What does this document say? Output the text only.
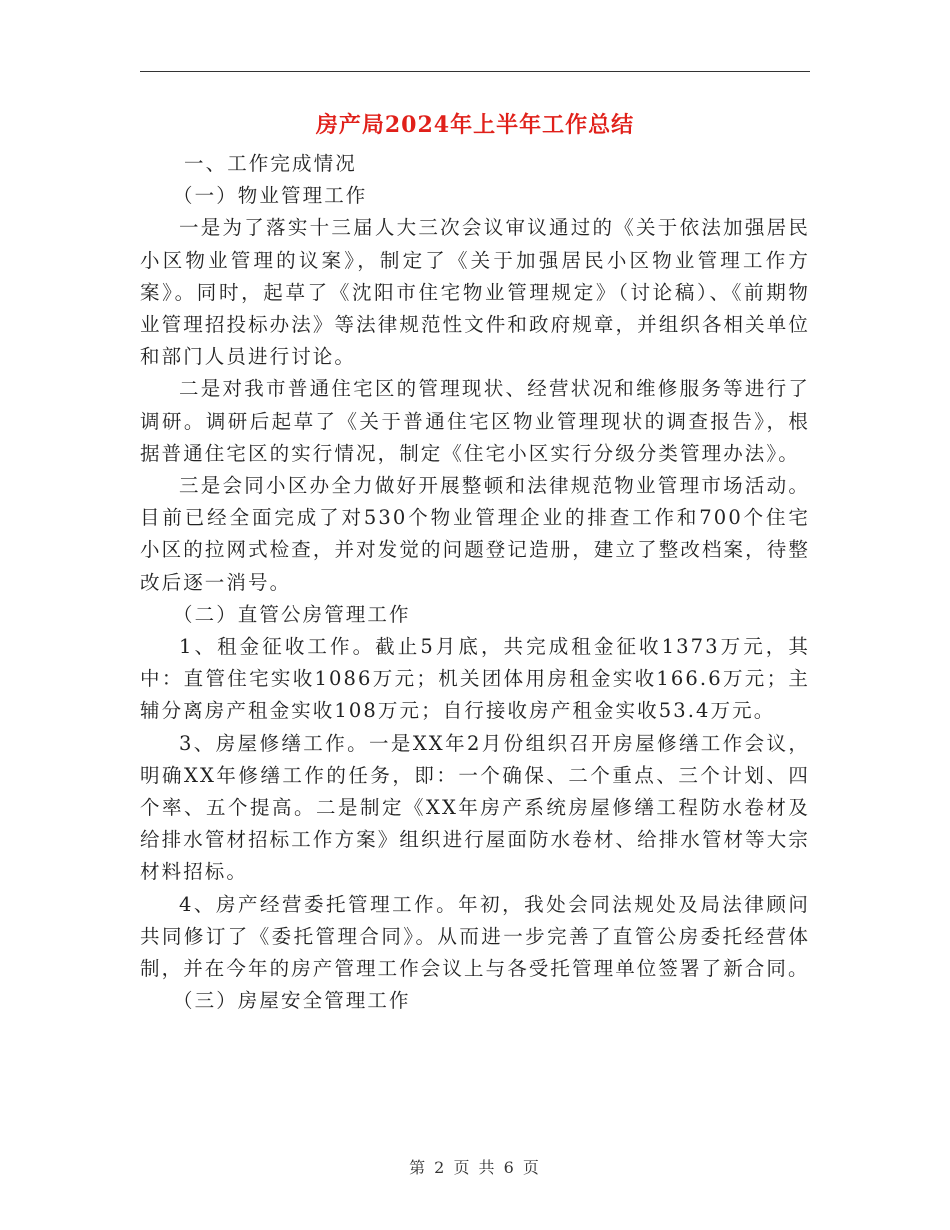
房产局2024年上半年工作总结

一、工作完成情况

（一）物业管理工作

一是为了落实十三届人大三次会议审议通过的《关于依法加强居民小区物业管理的议案》，制定了《关于加强居民小区物业管理工作方案》。同时，起草了《沈阳市住宅物业管理规定》（讨论稿）、《前期物业管理招投标办法》等法律规范性文件和政府规章，并组织各相关单位和部门人员进行讨论。

二是对我市普通住宅区的管理现状、经营状况和维修服务等进行了调研。调研后起草了《关于普通住宅区物业管理现状的调查报告》，根据普通住宅区的实行情况，制定《住宅小区实行分级分类管理办法》。

三是会同小区办全力做好开展整顿和法律规范物业管理市场活动。目前已经全面完成了对530个物业管理企业的排查工作和700个住宅小区的拉网式检查，并对发觉的问题登记造册，建立了整改档案，待整改后逐一消号。

（二）直管公房管理工作

1、租金征收工作。截止5月底，共完成租金征收1373万元，其中：直管住宅实收1086万元；机关团体用房租金实收166.6万元；主辅分离房产租金实收108万元；自行接收房产租金实收53.4万元。

3、房屋修缮工作。一是XX年2月份组织召开房屋修缮工作会议，明确XX年修缮工作的任务，即：一个确保、二个重点、三个计划、四个率、五个提高。二是制定《XX年房产系统房屋修缮工程防水卷材及给排水管材招标工作方案》组织进行屋面防水卷材、给排水管材等大宗材料招标。

4、房产经营委托管理工作。年初，我处会同法规处及局法律顾问共同修订了《委托管理合同》。从而进一步完善了直管公房委托经营体制，并在今年的房产管理工作会议上与各受托管理单位签署了新合同。

（三）房屋安全管理工作

第 2 页 共 6 页
